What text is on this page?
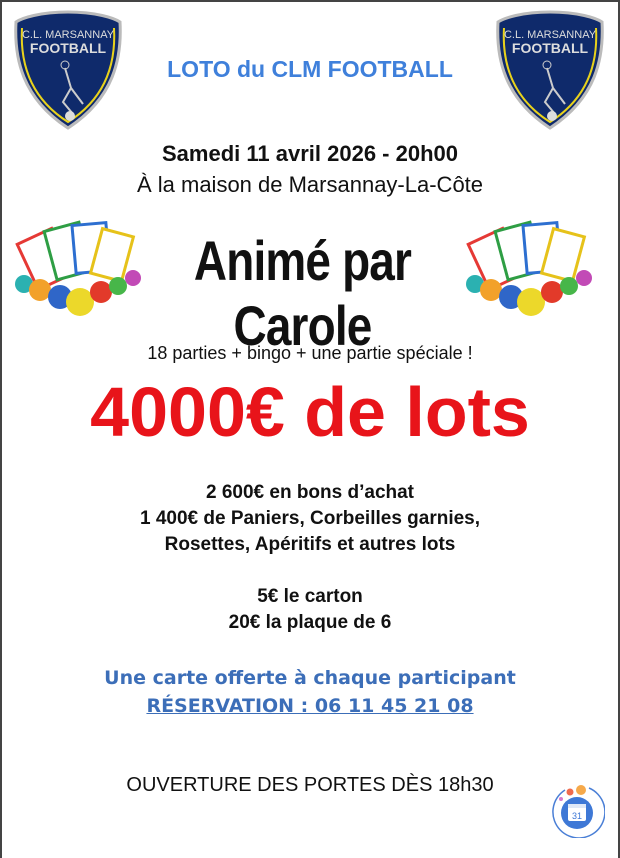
C.L. MARSANNAY
FOOTBALL
C.L. MARSANNAY
FOOTBALL
LOTO du CLM FOOTBALL
Samedi 11 avril 2026 - 20h00
À la maison de Marsannay-La-Côte
Animé par Carole
18 parties + bingo + une partie spéciale !
4000€ de lots
2 600€ en bons d’achat
1 400€ de Paniers, Corbeilles garnies,
Rosettes, Apéritifs et autres lots
5€ le carton
20€ la plaque de 6
Une carte offerte à chaque participant
RÉSERVATION : 06 11 45 21 08
OUVERTURE DES PORTES DÈS 18h30
31
